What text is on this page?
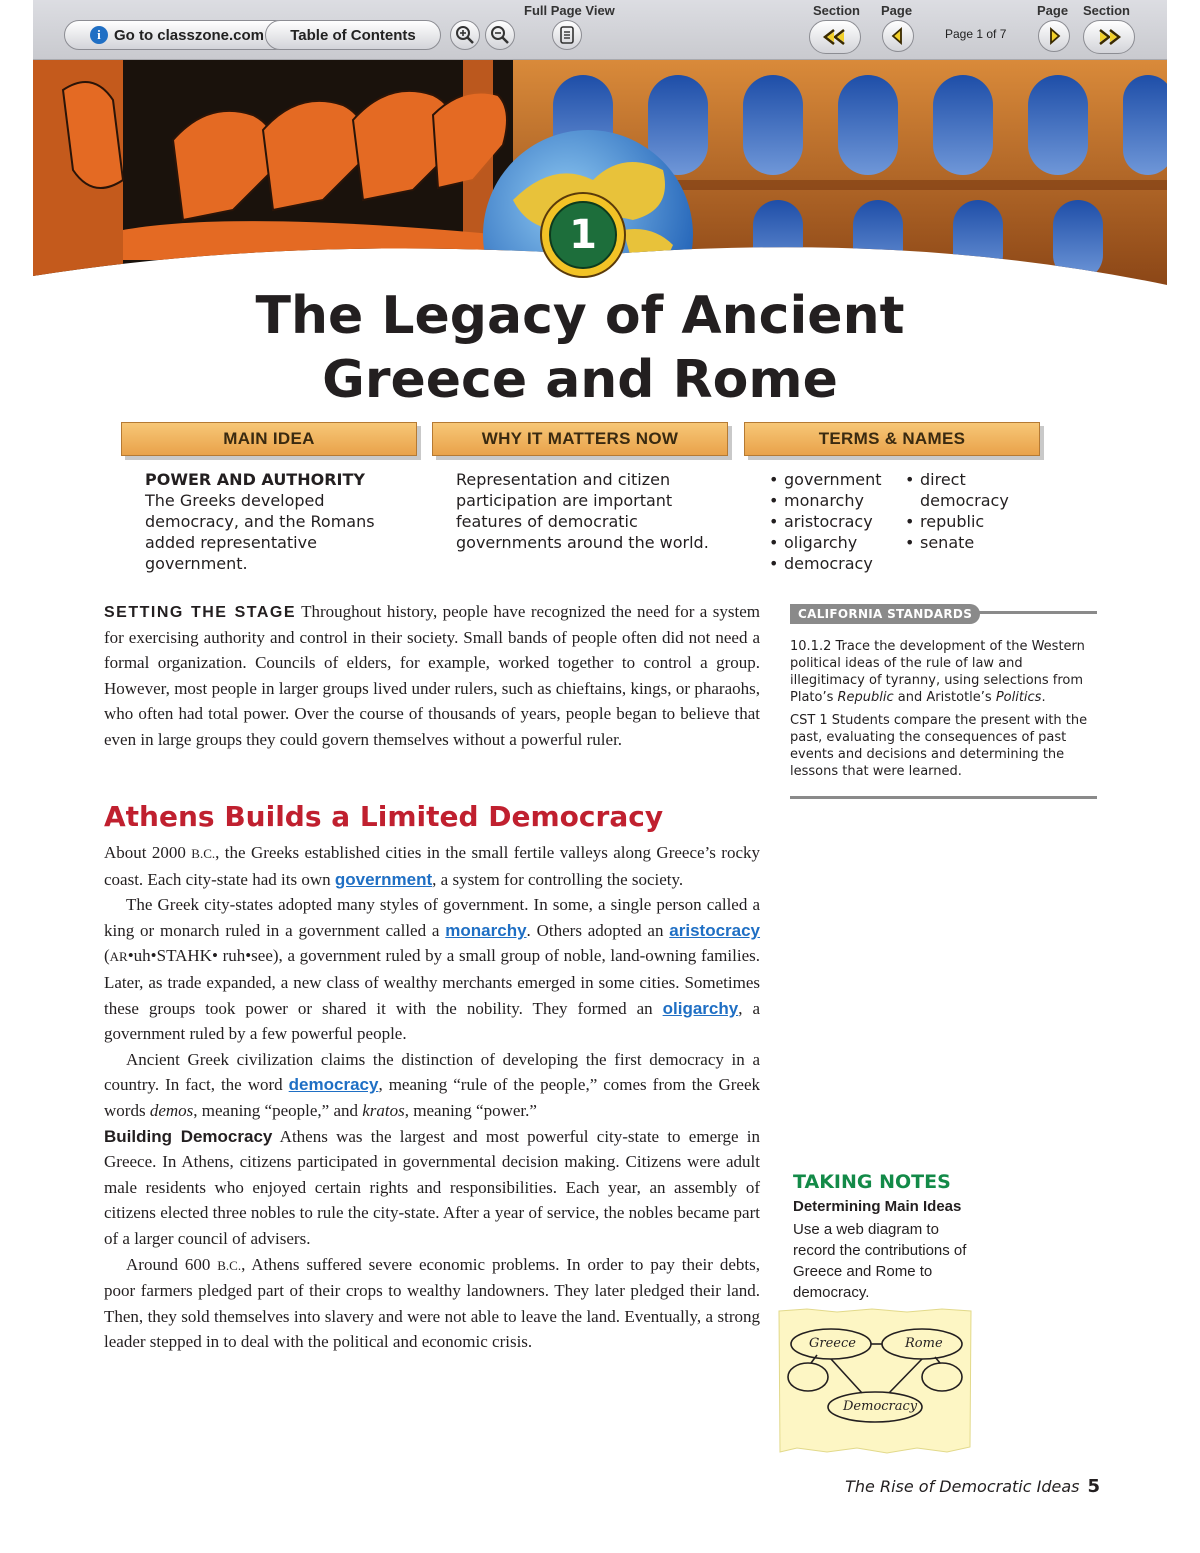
i Go to classzone.com Table of Contents
Full Page View	Section Page
Page 1 of 7
Page Section
1
The Legacy of Ancient
Greece and Rome
MAIN IDEA	WHY IT MATTERS NOW	TERMS & NAMES
POWER AND AUTHORITY The Greeks developed democracy, and the Romans added representative government.
Representation and citizen participation are important features of democratic governments around the world.
• government
• monarchy
• aristocracy
• oligarchy
• democracy
• direct democracy
• republic
• senate

SETTING THE STAGE Throughout history, people have recognized the need for a system for exercising authority and control in their society. Small bands of people often did not need a formal organization. Councils of elders, for example, worked together to control a group. However, most people in larger groups lived under rulers, such as chieftains, kings, or pharaohs, who often had total power. Over the course of thousands of years, people began to believe that even in large groups they could govern themselves without a powerful ruler.

Athens Builds a Limited Democracy

About 2000 B.C., the Greeks established cities in the small fertile valleys along Greece’s rocky coast. Each city-state had its own government, a system for controlling the society.

The Greek city-states adopted many styles of government. In some, a single person called a king or monarch ruled in a government called a monarchy. Others adopted an aristocracy (AR•uh•STAHK• ruh•see), a government ruled by a small group of noble, land-owning families. Later, as trade expanded, a new class of wealthy merchants emerged in some cities. Sometimes these groups took power or shared it with the nobility. They formed an oligarchy, a government ruled by a few powerful people.

Ancient Greek civilization claims the distinction of developing the first democracy in a country. In fact, the word democracy, meaning “rule of the people,” comes from the Greek words demos, meaning “people,” and kratos, meaning “power.”

Building Democracy Athens was the largest and most powerful city-state to emerge in Greece. In Athens, citizens participated in governmental decision making. Citizens were adult male residents who enjoyed certain rights and responsibilities. Each year, an assembly of citizens elected three nobles to rule the city-state. After a year of service, the nobles became part of a larger council of advisers.

Around 600 B.C., Athens suffered severe economic problems. In order to pay their debts, poor farmers pledged part of their crops to wealthy landowners. They later pledged their land. Then, they sold themselves into slavery and were not able to leave the land. Eventually, a strong leader stepped in to deal with the political and economic crisis.

CALIFORNIA STANDARDS
10.1.2 Trace the development of the Western political ideas of the rule of law and illegitimacy of tyranny, using selections from Plato’s Republic and Aristotle’s Politics.
CST 1 Students compare the present with the past, evaluating the consequences of past events and decisions and determining the lessons that were learned.
TAKING NOTES
Determining Main Ideas
Use a web diagram to record the contributions of Greece and Rome to democracy.
Greece	Rome
Democracy
The Rise of Democratic Ideas 5
